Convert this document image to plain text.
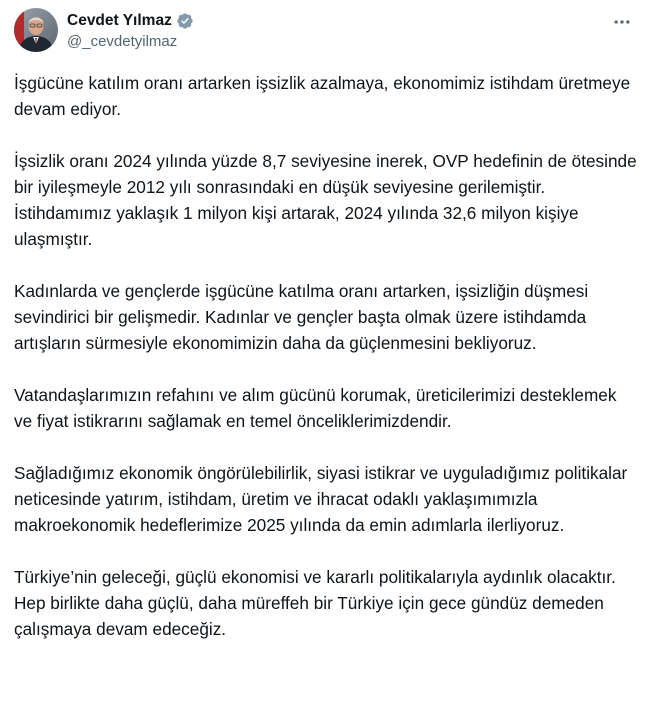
Cevdet Yılmaz
@_cevdetyilmaz

İşgücüne katılım oranı artarken işsizlik azalmaya, ekonomimiz istihdam üretmeye devam ediyor.

İşsizlik oranı 2024 yılında yüzde 8,7 seviyesine inerek, OVP hedefinin de ötesinde bir iyileşmeyle 2012 yılı sonrasındaki en düşük seviyesine gerilemiştir. İstihdamımız yaklaşık 1 milyon kişi artarak, 2024 yılında 32,6 milyon kişiye ulaşmıştır.

Kadınlarda ve gençlerde işgücüne katılma oranı artarken, işsizliğin düşmesi sevindirici bir gelişmedir. Kadınlar ve gençler başta olmak üzere istihdamda artışların sürmesiyle ekonomimizin daha da güçlenmesini bekliyoruz.

Vatandaşlarımızın refahını ve alım gücünü korumak, üreticilerimizi desteklemek ve fiyat istikrarını sağlamak en temel önceliklerimizdendir.

Sağladığımız ekonomik öngörülebilirlik, siyasi istikrar ve uyguladığımız politikalar neticesinde yatırım, istihdam, üretim ve ihracat odaklı yaklaşımımızla makroekonomik hedeflerimize 2025 yılında da emin adımlarla ilerliyoruz.

Türkiye’nin geleceği, güçlü ekonomisi ve kararlı politikalarıyla aydınlık olacaktır. Hep birlikte daha güçlü, daha müreffeh bir Türkiye için gece gündüz demeden çalışmaya devam edeceğiz.
